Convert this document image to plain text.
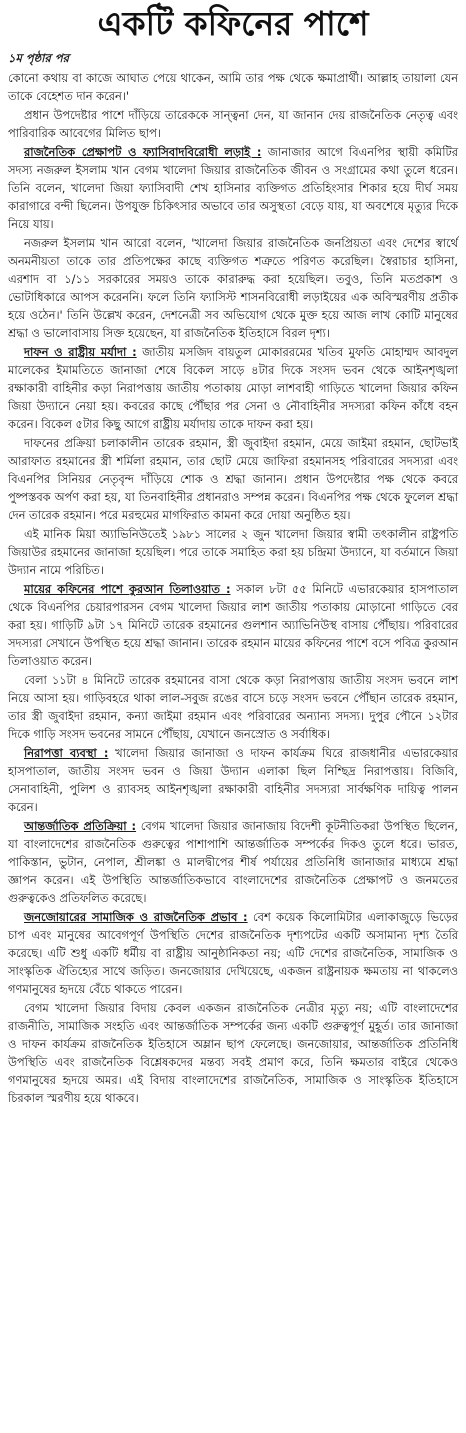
একটি কফিনের পাশে
১ম পৃষ্ঠার পর

কোনো কথায় বা কাজে আঘাত পেয়ে থাকেন, আমি তার পক্ষ থেকে ক্ষমাপ্রার্থী। আল্লাহ তায়ালা যেন তাকে বেহেশত দান করেন।'

প্রধান উপদেষ্টার পাশে দাঁড়িয়ে তারেককে সান্ত্বনা দেন, যা জানান দেয় রাজনৈতিক নেতৃত্ব এবং পারিবারিক আবেগের মিলিত ছাপ।

রাজনৈতিক প্রেক্ষাপট ও ফ্যাসিবাদবিরোধী লড়াই : জানাজার আগে বিএনপির স্থায়ী কমিটির সদস্য নজরুল ইসলাম খান বেগম খালেদা জিয়ার রাজনৈতিক জীবন ও সংগ্রামের কথা তুলে ধরেন। তিনি বলেন, খালেদা জিয়া ফ্যাসিবাদী শেখ হাসিনার ব্যক্তিগত প্রতিহিংসার শিকার হয়ে দীর্ঘ সময় কারাগারে বন্দী ছিলেন। উপযুক্ত চিকিৎসার অভাবে তার অসুস্থতা বেড়ে যায়, যা অবশেষে মৃত্যুর দিকে নিয়ে যায়।

নজরুল ইসলাম খান আরো বলেন, 'খালেদা জিয়ার রাজনৈতিক জনপ্রিয়তা এবং দেশের স্বার্থে অনমনীয়তা তাকে তার প্রতিপক্ষের কাছে ব্যক্তিগত শত্রুতে পরিণত করেছিল। স্বৈরাচার হাসিনা, এরশাদ বা ১/১১ সরকারের সময়ও তাকে কারারুদ্ধ করা হয়েছিল। তবুও, তিনি মতপ্রকাশ ও ভোটাধিকারে আপস করেননি। ফলে তিনি ফ্যাসিস্ট শাসনবিরোধী লড়াইয়ের এক অবিস্মরণীয় প্রতীক হয়ে ওঠেন।' তিনি উল্লেখ করেন, দেশনেত্রী সব অভিযোগ থেকে মুক্ত হয়ে আজ লাখ কোটি মানুষের শ্রদ্ধা ও ভালোবাসায় সিক্ত হয়েছেন, যা রাজনৈতিক ইতিহাসে বিরল দৃশ্য।

দাফন ও রাষ্ট্রীয় মর্যাদা : জাতীয় মসজিদ বায়তুল মোকাররমের খতিব মুফতি মোহাম্মদ আবদুল মালেকের ইমামতিতে জানাজা শেষে বিকেল সাড়ে ৪টার দিকে সংসদ ভবন থেকে আইনশৃঙ্খলা রক্ষাকারী বাহিনীর কড়া নিরাপত্তায় জাতীয় পতাকায় মোড়া লাশবাহী গাড়িতে খালেদা জিয়ার কফিন জিয়া উদ্যানে নেয়া হয়। কবরের কাছে পৌঁছার পর সেনা ও নৌবাহিনীর সদস্যরা কফিন কাঁধে বহন করেন। বিকেল ৫টার কিছু আগে রাষ্ট্রীয় মর্যাদায় তাকে দাফন করা হয়।

দাফনের প্রক্রিয়া চলাকালীন তারেক রহমান, স্ত্রী জুবাইদা রহমান, মেয়ে জাইমা রহমান, ছোটভাই আরাফাত রহমানের স্ত্রী শর্মিলা রহমান, তার ছোট মেয়ে জাফিরা রহমানসহ পরিবারের সদস্যরা এবং বিএনপির সিনিয়র নেতৃবৃন্দ দাঁড়িয়ে শোক ও শ্রদ্ধা জানান। প্রধান উপদেষ্টার পক্ষ থেকে কবরে পুষ্পস্তবক অর্পণ করা হয়, যা তিনবাহিনীর প্রধানরাও সম্পন্ন করেন। বিএনপির পক্ষ থেকে ফুলেল শ্রদ্ধা দেন তারেক রহমান। পরে মরহুমের মাগফিরাত কামনা করে দোয়া অনুষ্ঠিত হয়।

এই মানিক মিয়া অ্যাভিনিউতেই ১৯৮১ সালের ২ জুন খালেদা জিয়ার স্বামী তৎকালীন রাষ্ট্রপতি জিয়াউর রহমানের জানাজা হয়েছিল। পরে তাকে সমাহিত করা হয় চন্দ্রিমা উদ্যানে, যা বর্তমানে জিয়া উদ্যান নামে পরিচিত।

মায়ের কফিনের পাশে কুরআন তিলাওয়াত : সকাল ৮টা ৫৫ মিনিটে এভারকেয়ার হাসপাতাল থেকে বিএনপির চেয়ারপারসন বেগম খালেদা জিয়ার লাশ জাতীয় পতাকায় মোড়ানো গাড়িতে বের করা হয়। গাড়িটি ৯টা ১৭ মিনিটে তারেক রহমানের গুলশান অ্যাভিনিউস্থ বাসায় পৌঁছায়। পরিবারের সদস্যরা সেখানে উপস্থিত হয়ে শ্রদ্ধা জানান। তারেক রহমান মায়ের কফিনের পাশে বসে পবিত্র কুরআন তিলাওয়াত করেন।

বেলা ১১টা ৪ মিনিটে তারেক রহমানের বাসা থেকে কড়া নিরাপত্তায় জাতীয় সংসদ ভবনে লাশ নিয়ে আসা হয়। গাড়িবহরে থাকা লাল-সবুজ রঙের বাসে চড়ে সংসদ ভবনে পৌঁছান তারেক রহমান, তার স্ত্রী জুবাইদা রহমান, কন্যা জাইমা রহমান এবং পরিবারের অন্যান্য সদস্য। দুপুর পৌনে ১২টার দিকে গাড়ি সংসদ ভবনের সামনে পৌঁছায়, যেখানে জনস্রোত ও সর্বাধিক।

নিরাপত্তা ব্যবস্থা : খালেদা জিয়ার জানাজা ও দাফন কার্যক্রম ঘিরে রাজধানীর এভারকেয়ার হাসপাতাল, জাতীয় সংসদ ভবন ও জিয়া উদ্যান এলাকা ছিল নিশ্ছিদ্র নিরাপত্তায়। বিজিবি, সেনাবাহিনী, পুলিশ ও র‌্যাবসহ আইনশৃঙ্খলা রক্ষাকারী বাহিনীর সদস্যরা সার্বক্ষণিক দায়িত্ব পালন করেন।

আন্তর্জাতিক প্রতিক্রিয়া : বেগম খালেদা জিয়ার জানাজায় বিদেশী কূটনীতিকরা উপস্থিত ছিলেন, যা বাংলাদেশের রাজনৈতিক গুরুত্বের পাশাপাশি আন্তর্জাতিক সম্পর্কের দিকও তুলে ধরে। ভারত, পাকিস্তান, ভুটান, নেপাল, শ্রীলঙ্কা ও মালদ্বীপের শীর্ষ পর্যায়ের প্রতিনিধি জানাজার মাধ্যমে শ্রদ্ধা জ্ঞাপন করেন। এই উপস্থিতি আন্তর্জাতিকভাবে বাংলাদেশের রাজনৈতিক প্রেক্ষাপট ও জনমতের গুরুত্বকেও প্রতিফলিত করেছে।

জনজোয়ারের সামাজিক ও রাজনৈতিক প্রভাব : বেশ কয়েক কিলোমিটার এলাকাজুড়ে ভিড়ের চাপ এবং মানুষের আবেগপূর্ণ উপস্থিতি দেশের রাজনৈতিক দৃশ্যপটের একটি অসামান্য দৃশ্য তৈরি করেছে। এটি শুধু একটি ধর্মীয় বা রাষ্ট্রীয় আনুষ্ঠানিকতা নয়; এটি দেশের রাজনৈতিক, সামাজিক ও সাংস্কৃতিক ঐতিহ্যের সাথে জড়িত। জনজোয়ার দেখিয়েছে, একজন রাষ্ট্রনায়ক ক্ষমতায় না থাকলেও গণমানুষের হৃদয়ে বেঁচে থাকতে পারেন।

বেগম খালেদা জিয়ার বিদায় কেবল একজন রাজনৈতিক নেত্রীর মৃত্যু নয়; এটি বাংলাদেশের রাজনীতি, সামাজিক সংহতি এবং আন্তর্জাতিক সম্পর্কের জন্য একটি গুরুত্বপূর্ণ মুহূর্ত। তার জানাজা ও দাফন কার্যক্রম রাজনৈতিক ইতিহাসে অম্লান ছাপ ফেলেছে। জনজোয়ার, আন্তর্জাতিক প্রতিনিধি উপস্থিতি এবং রাজনৈতিক বিশ্লেষকদের মন্তব্য সবই প্রমাণ করে, তিনি ক্ষমতার বাইরে থেকেও গণমানুষের হৃদয়ে অমর। এই বিদায় বাংলাদেশের রাজনৈতিক, সামাজিক ও সাংস্কৃতিক ইতিহাসে চিরকাল স্মরণীয় হয়ে থাকবে।
